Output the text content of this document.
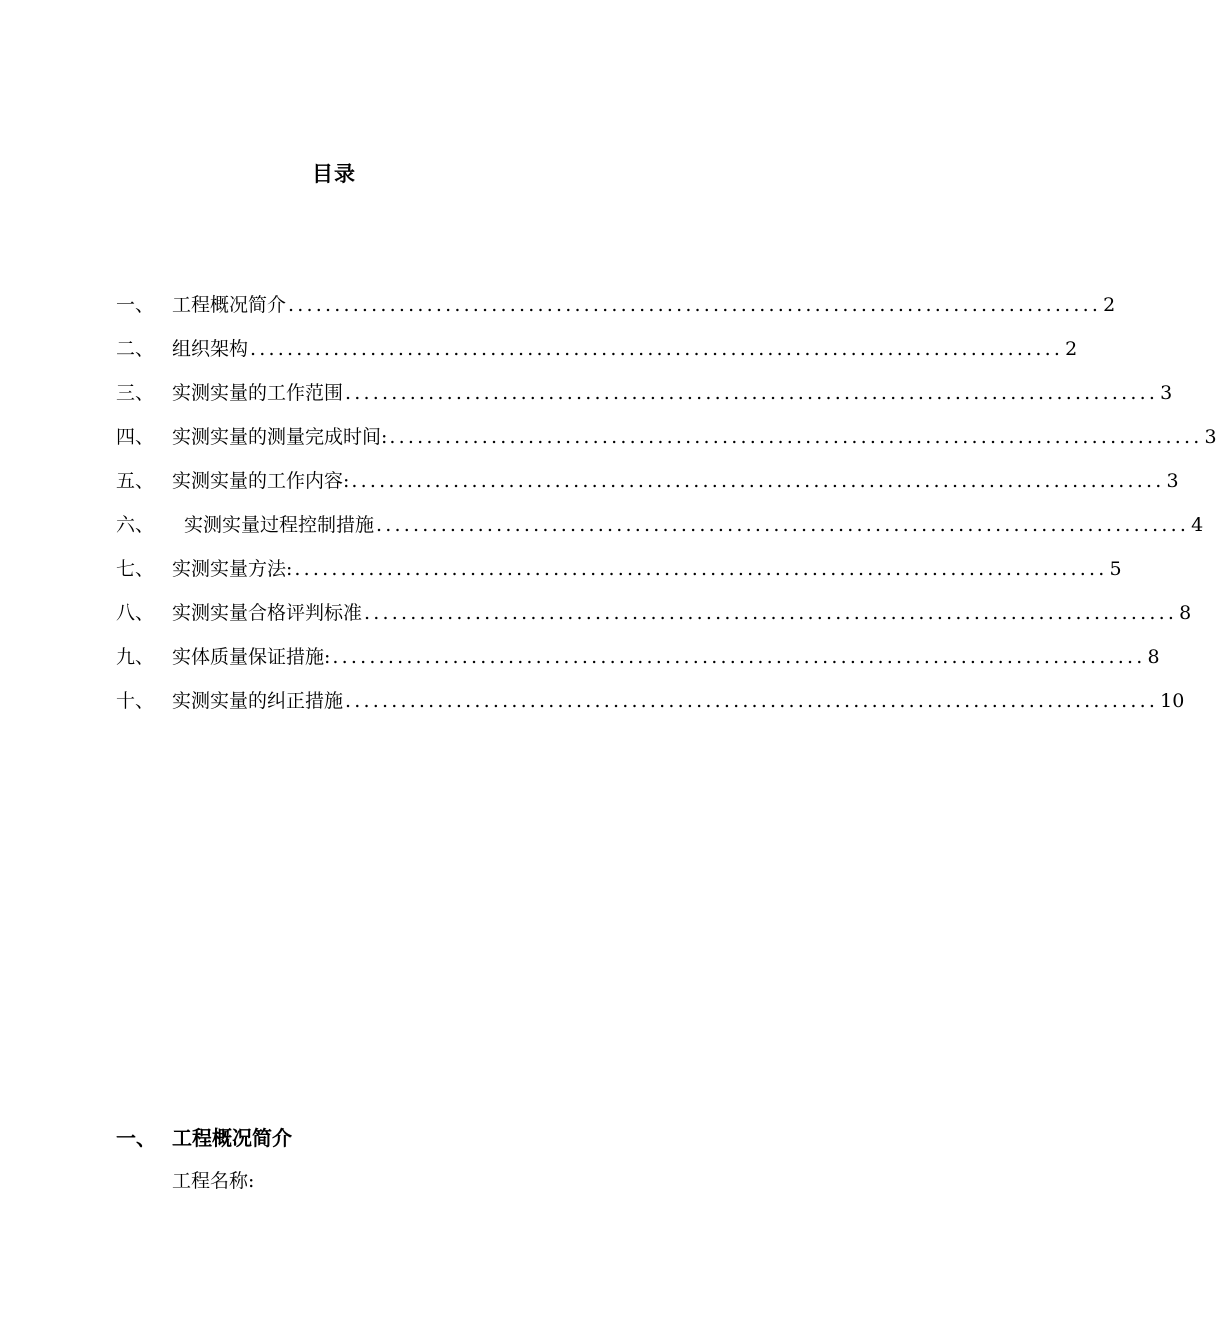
目录
一、 工程概况简介 ........................................................................................ 2
二、 组织架构 ........................................................................................ 2
三、 实测实量的工作范围 ........................................................................................ 3
四、 实测实量的测量完成时间: ........................................................................................ 3
五、 实测实量的工作内容: ........................................................................................ 3
六、	实测实量过程控制措施 ........................................................................................ 4
七、 实测实量方法: ........................................................................................ 5
八、 实测实量合格评判标准 ........................................................................................ 8
九、 实体质量保证措施: ........................................................................................ 8
十、 实测实量的纠正措施 ........................................................................................ 10
一、 工程概况简介
工程名称:
